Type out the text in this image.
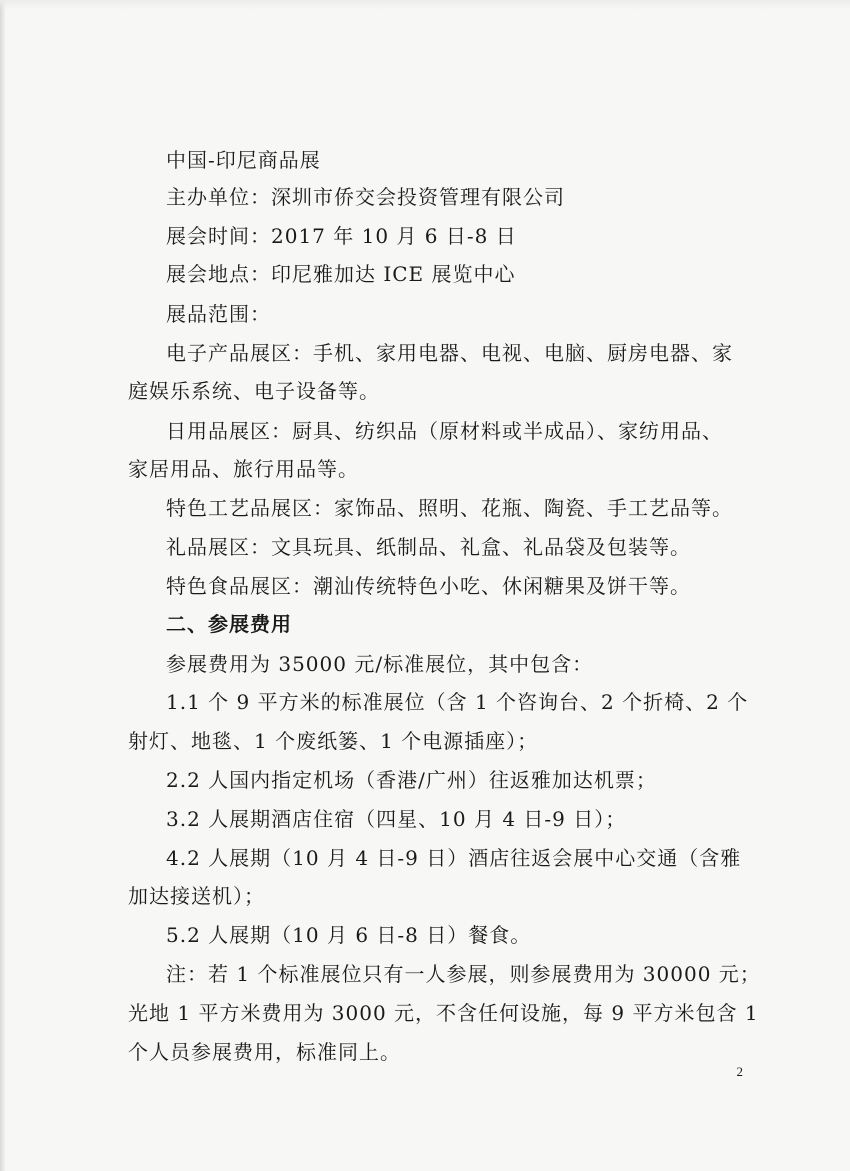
中国-印尼商品展
主办单位：深圳市侨交会投资管理有限公司
展会时间：2017 年 10 月 6 日-8 日
展会地点：印尼雅加达 ICE 展览中心
展品范围：
电子产品展区：手机、家用电器、电视、电脑、厨房电器、家
庭娱乐系统、电子设备等。
日用品展区：厨具、纺织品（原材料或半成品）、家纺用品、
家居用品、旅行用品等。
特色工艺品展区：家饰品、照明、花瓶、陶瓷、手工艺品等。
礼品展区：文具玩具、纸制品、礼盒、礼品袋及包装等。
特色食品展区：潮汕传统特色小吃、休闲糖果及饼干等。
二、参展费用
参展费用为 35000 元/标准展位，其中包含：
1.1 个 9 平方米的标准展位（含 1 个咨询台、2 个折椅、2 个
射灯、地毯、1 个废纸篓、1 个电源插座）；
2.2 人国内指定机场（香港/广州）往返雅加达机票；
3.2 人展期酒店住宿（四星、10 月 4 日-9 日）；
4.2 人展期（10 月 4 日-9 日）酒店往返会展中心交通（含雅
加达接送机）；
5.2 人展期（10 月 6 日-8 日）餐食。
注：若 1 个标准展位只有一人参展，则参展费用为 30000 元；
光地 1 平方米费用为 3000 元，不含任何设施，每 9 平方米包含 1
个人员参展费用，标准同上。
2
